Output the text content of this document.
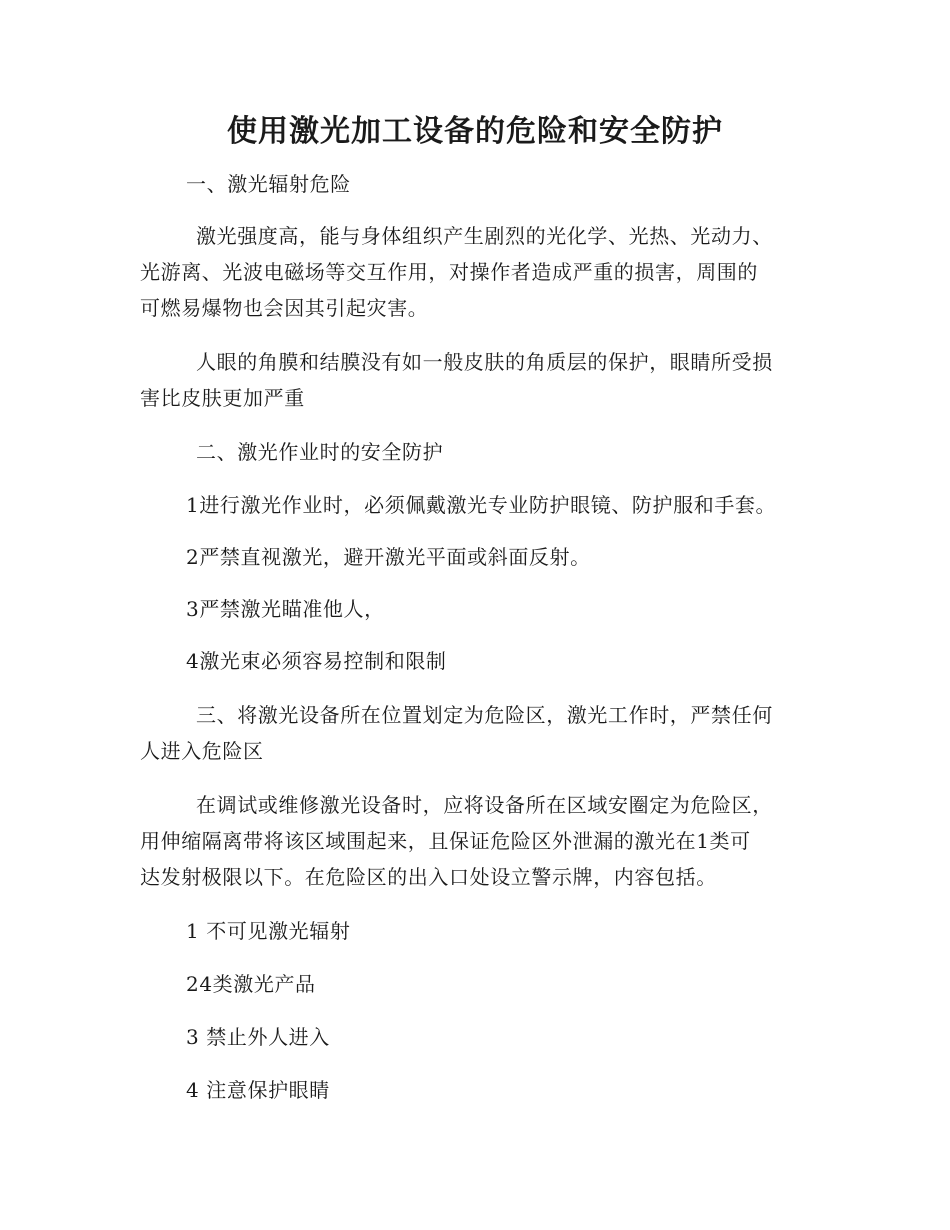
使用激光加工设备的危险和安全防护
一、激光辐射危险
激光强度高，能与身体组织产生剧烈的光化学、光热、光动力、
光游离、光波电磁场等交互作用，对操作者造成严重的损害，周围的
可燃易爆物也会因其引起灾害。
人眼的角膜和结膜没有如一般皮肤的角质层的保护，眼睛所受损
害比皮肤更加严重
二、激光作业时的安全防护
1进行激光作业时，必须佩戴激光专业防护眼镜、防护服和手套。
2严禁直视激光，避开激光平面或斜面反射。
3严禁激光瞄准他人，
4激光束必须容易控制和限制
三、将激光设备所在位置划定为危险区，激光工作时，严禁任何
人进入危险区
在调试或维修激光设备时，应将设备所在区域安圈定为危险区，
用伸缩隔离带将该区域围起来，且保证危险区外泄漏的激光在1类可
达发射极限以下。在危险区的出入口处设立警示牌，内容包括。
1 不可见激光辐射
24类激光产品
3 禁止外人进入
4 注意保护眼睛
